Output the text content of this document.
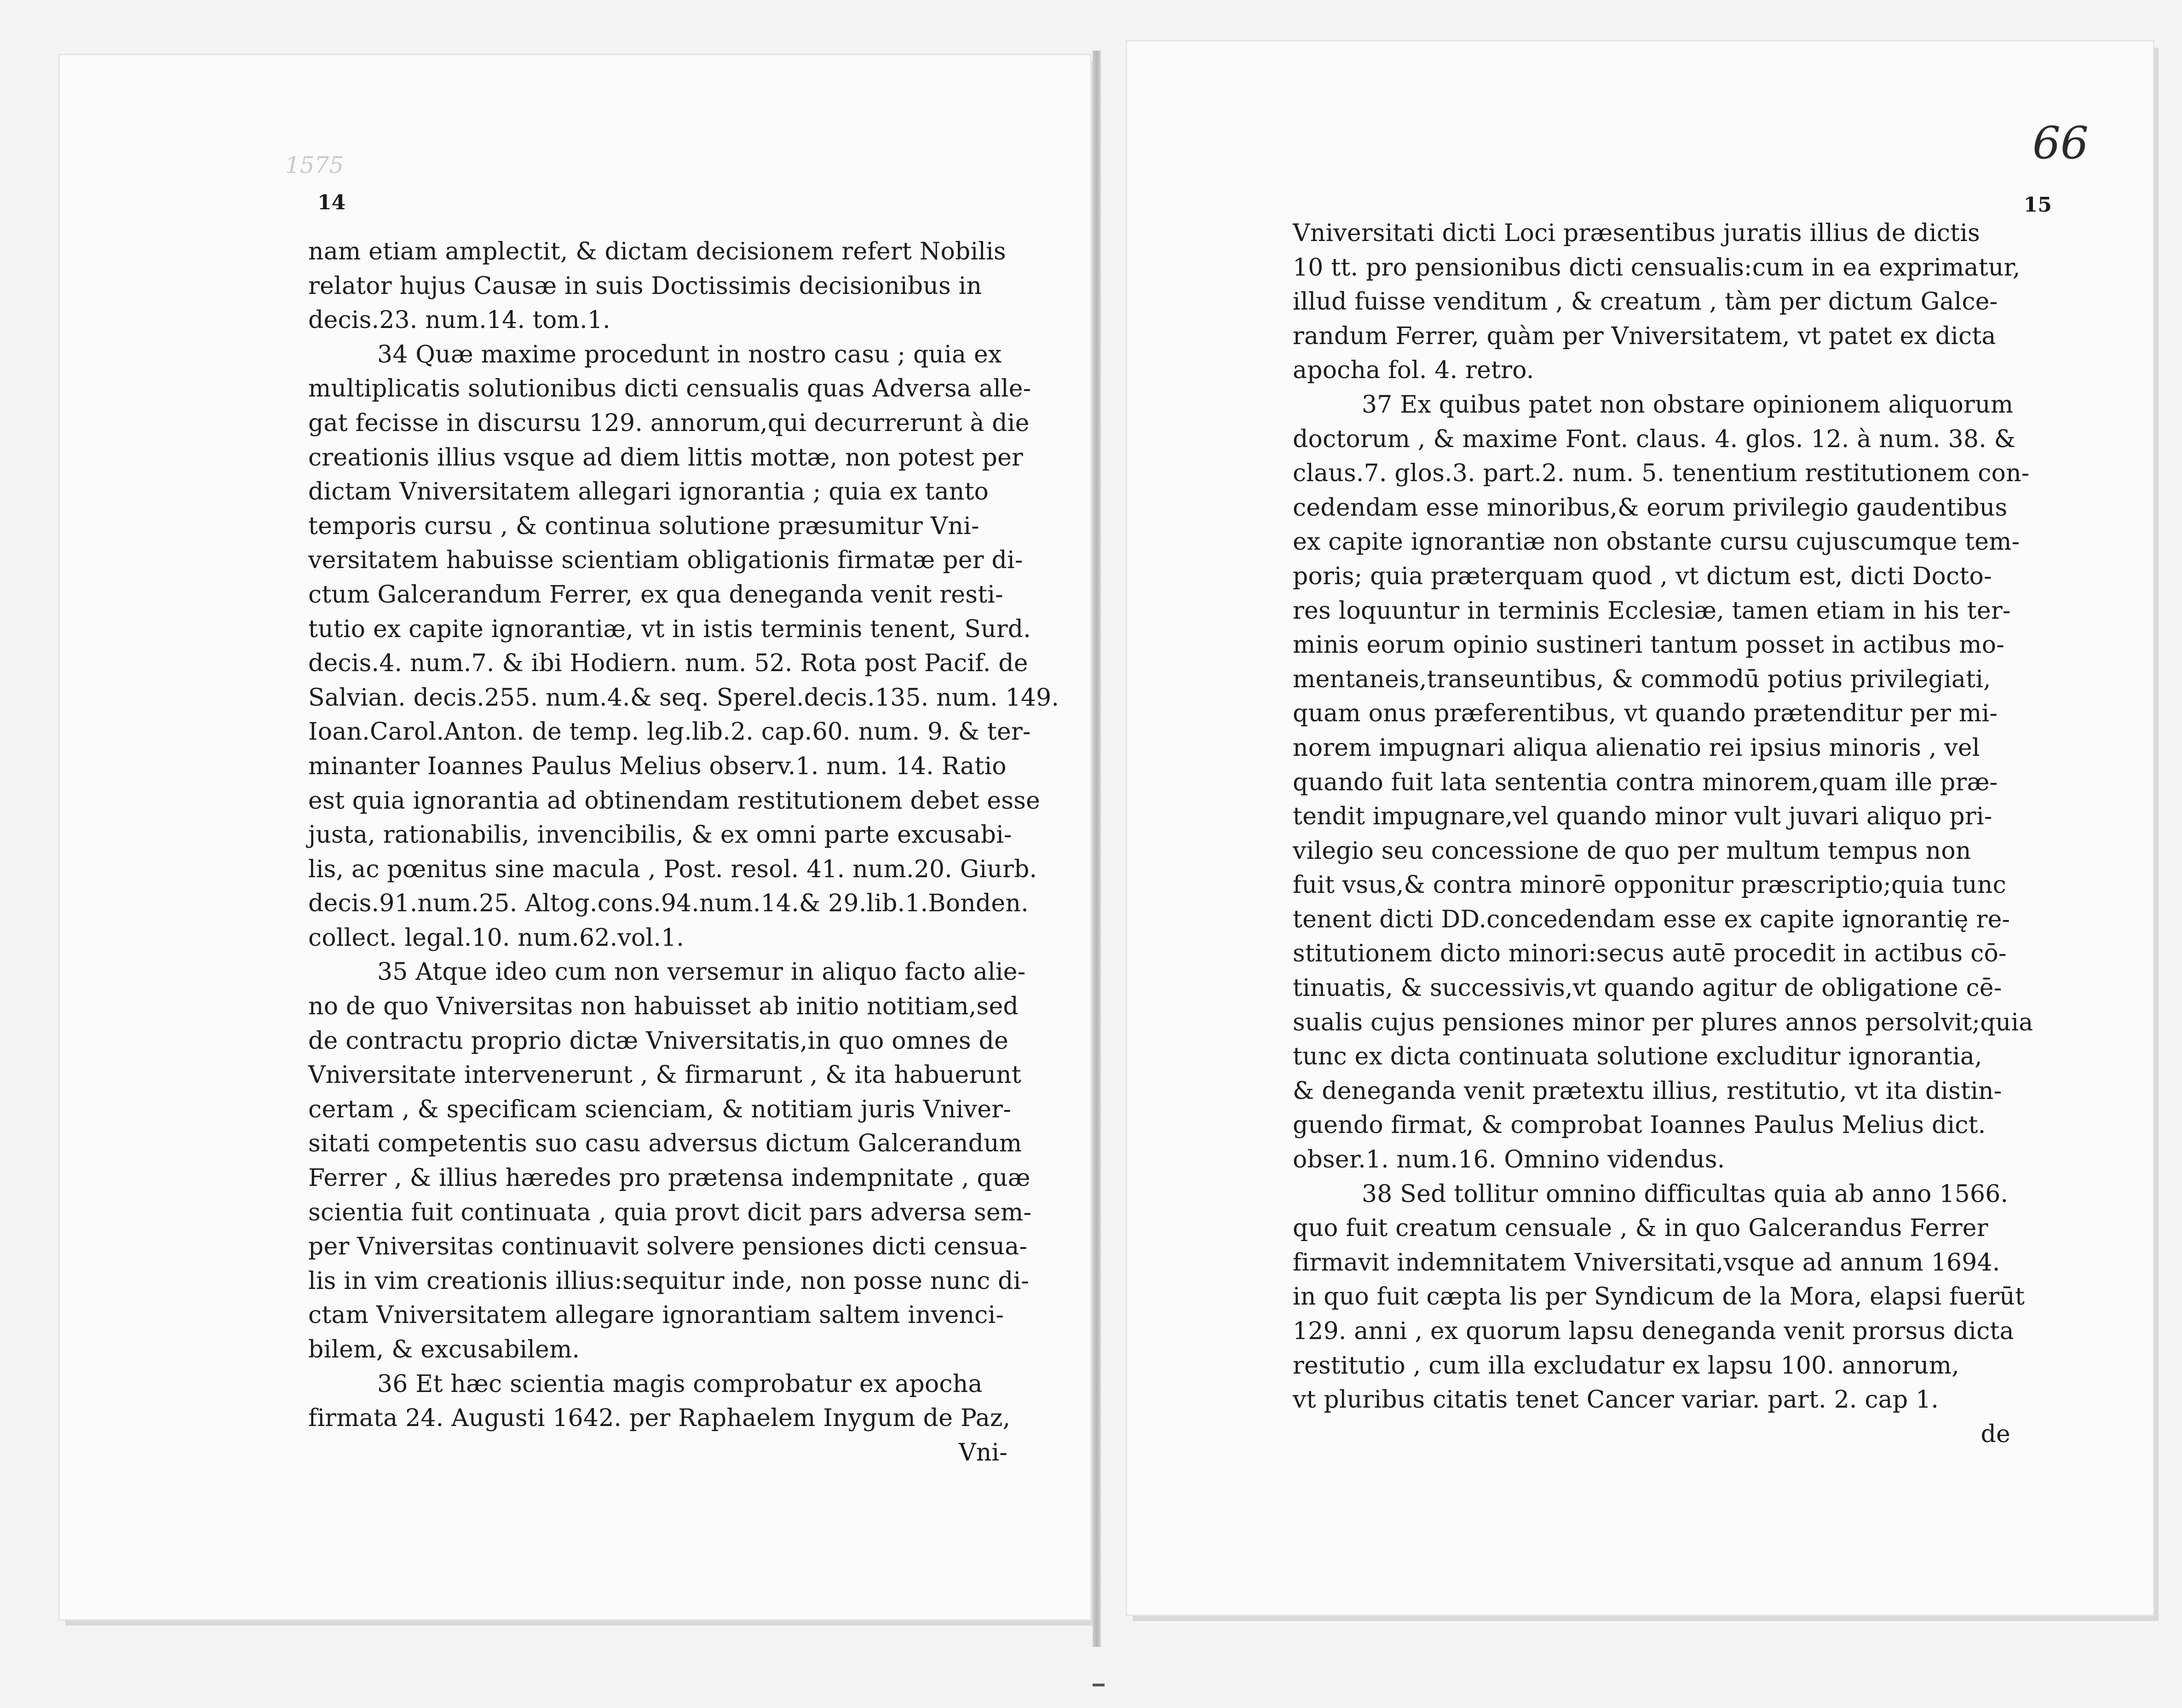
1575
14
nam etiam amplectit, & dictam decisionem refert Nobilis
relator hujus Causæ in suis Doctissimis decisionibus in
decis.23. num.14. tom.1.
34 Quæ maxime procedunt in nostro casu ; quia ex
multiplicatis solutionibus dicti censualis quas Adversa alle-
gat fecisse in discursu 129. annorum,qui decurrerunt à die
creationis illius vsque ad diem littis mottæ, non potest per
dictam Vniversitatem allegari ignorantia ; quia ex tanto
temporis cursu , & continua solutione præsumitur Vni-
versitatem habuisse scientiam obligationis firmatæ per di-
ctum Galcerandum Ferrer, ex qua deneganda venit resti-
tutio ex capite ignorantiæ, vt in istis terminis tenent, Surd.
decis.4. num.7. & ibi Hodiern. num. 52. Rota post Pacif. de
Salvian. decis.255. num.4.& seq. Sperel.decis.135. num. 149.
Ioan.Carol.Anton. de temp. leg.lib.2. cap.60. num. 9. & ter-
minanter Ioannes Paulus Melius observ.1. num. 14. Ratio
est quia ignorantia ad obtinendam restitutionem debet esse
justa, rationabilis, invencibilis, & ex omni parte excusabi-
lis, ac pœnitus sine macula , Post. resol. 41. num.20. Giurb.
decis.91.num.25. Altog.cons.94.num.14.& 29.lib.1.Bonden.
collect. legal.10. num.62.vol.1.
35 Atque ideo cum non versemur in aliquo facto alie-
no de quo Vniversitas non habuisset ab initio notitiam,sed
de contractu proprio dictæ Vniversitatis,in quo omnes de
Vniversitate intervenerunt , & firmarunt , & ita habuerunt
certam , & specificam scienciam, & notitiam juris Vniver-
sitati competentis suo casu adversus dictum Galcerandum
Ferrer , & illius hæredes pro prætensa indempnitate , quæ
scientia fuit continuata , quia provt dicit pars adversa sem-
per Vniversitas continuavit solvere pensiones dicti censua-
lis in vim creationis illius:sequitur inde, non posse nunc di-
ctam Vniversitatem allegare ignorantiam saltem invenci-
bilem, & excusabilem.
36 Et hæc scientia magis comprobatur ex apocha
firmata 24. Augusti 1642. per Raphaelem Inygum de Paz,
Vni-
66
15
Vniversitati dicti Loci præsentibus juratis illius de dictis
10 tt. pro pensionibus dicti censualis:cum in ea exprimatur,
illud fuisse venditum , & creatum , tàm per dictum Galce-
randum Ferrer, quàm per Vniversitatem, vt patet ex dicta
apocha fol. 4. retro.
37 Ex quibus patet non obstare opinionem aliquorum
doctorum , & maxime Font. claus. 4. glos. 12. à num. 38. &
claus.7. glos.3. part.2. num. 5. tenentium restitutionem con-
cedendam esse minoribus,& eorum privilegio gaudentibus
ex capite ignorantiæ non obstante cursu cujuscumque tem-
poris; quia præterquam quod , vt dictum est, dicti Docto-
res loquuntur in terminis Ecclesiæ, tamen etiam in his ter-
minis eorum opinio sustineri tantum posset in actibus mo-
mentaneis,transeuntibus, & commodū potius privilegiati,
quam onus præferentibus, vt quando prætenditur per mi-
norem impugnari aliqua alienatio rei ipsius minoris , vel
quando fuit lata sententia contra minorem,quam ille præ-
tendit impugnare,vel quando minor vult juvari aliquo pri-
vilegio seu concessione de quo per multum tempus non
fuit vsus,& contra minorē opponitur præscriptio;quia tunc
tenent dicti DD.concedendam esse ex capite ignorantię re-
stitutionem dicto minori:secus autē procedit in actibus cō-
tinuatis, & successivis,vt quando agitur de obligatione cē-
sualis cujus pensiones minor per plures annos persolvit;quia
tunc ex dicta continuata solutione excluditur ignorantia,
& deneganda venit prætextu illius, restitutio, vt ita distin-
guendo firmat, & comprobat Ioannes Paulus Melius dict.
obser.1. num.16. Omnino videndus.
38 Sed tollitur omnino difficultas quia ab anno 1566.
quo fuit creatum censuale , & in quo Galcerandus Ferrer
firmavit indemnitatem Vniversitati,vsque ad annum 1694.
in quo fuit cæpta lis per Syndicum de la Mora, elapsi fuerūt
129. anni , ex quorum lapsu deneganda venit prorsus dicta
restitutio , cum illa excludatur ex lapsu 100. annorum,
vt pluribus citatis tenet Cancer variar. part. 2. cap 1.
de
